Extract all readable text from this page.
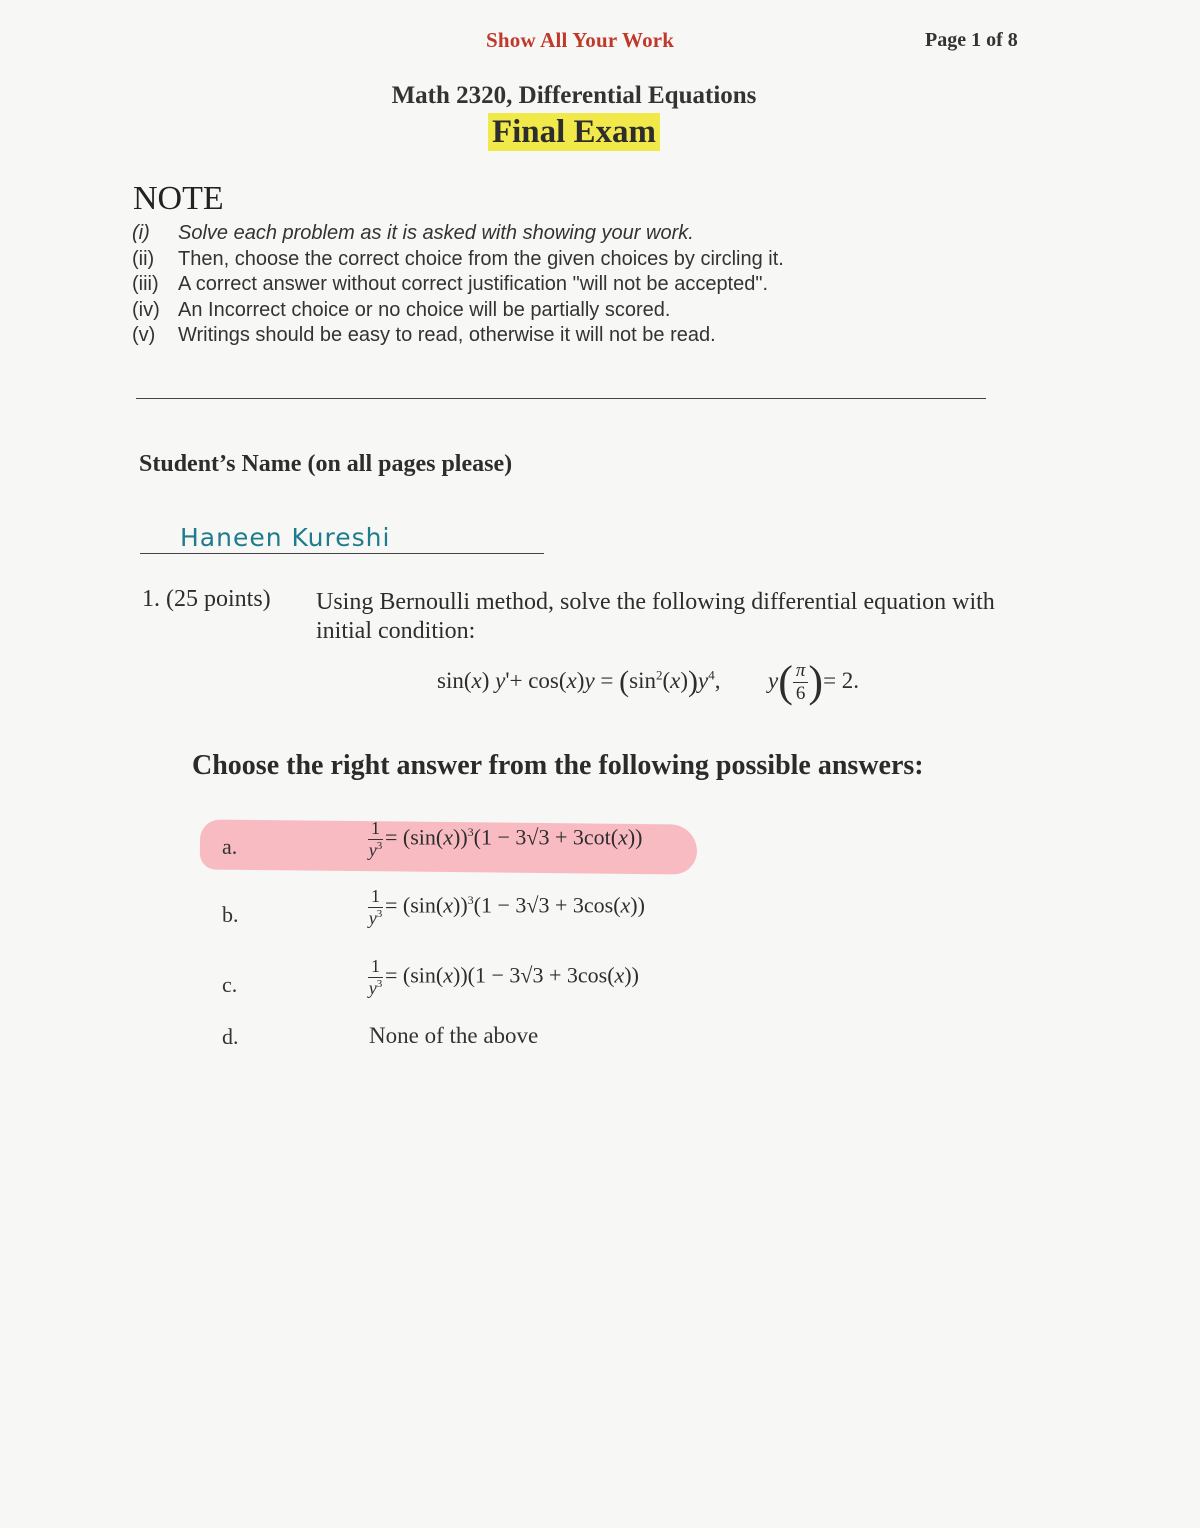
Show All Your Work	Page 1 of 8
Math 2320, Differential Equations
Final Exam
NOTE
(i)	Solve each problem as it is asked with showing your work.
(ii)	Then, choose the correct choice from the given choices by circling it.
(iii) A correct answer without correct justification "will not be accepted".
(iv) An Incorrect choice or no choice will be partially scored.
(v)	Writings should be easy to read, otherwise it will not be read.
Student’s Name (on all pages please)
Haneen Kureshi
1. (25 points) Using Bernoulli method, solve the following differential equation with initial condition:
sin(x) $y'+ \cos(x)y = (\sin^2(x))y^4$, $y( \frac{\pi}{6}$ )= 2.
Choose the right answer from the following possible answers:
a.	$\frac{1}{y^3} = (\sin(x))^3(1 - 3√3 + 3\cot(x))$
b.	$\frac{1}{y^3} = (\sin(x))^3(1 - 3√3 + 3\cos(x))$
c.	$\frac{1}{y^3} = (\sin(x))(1 - 3√3 + 3\cos(x))$
d.	None of the above
